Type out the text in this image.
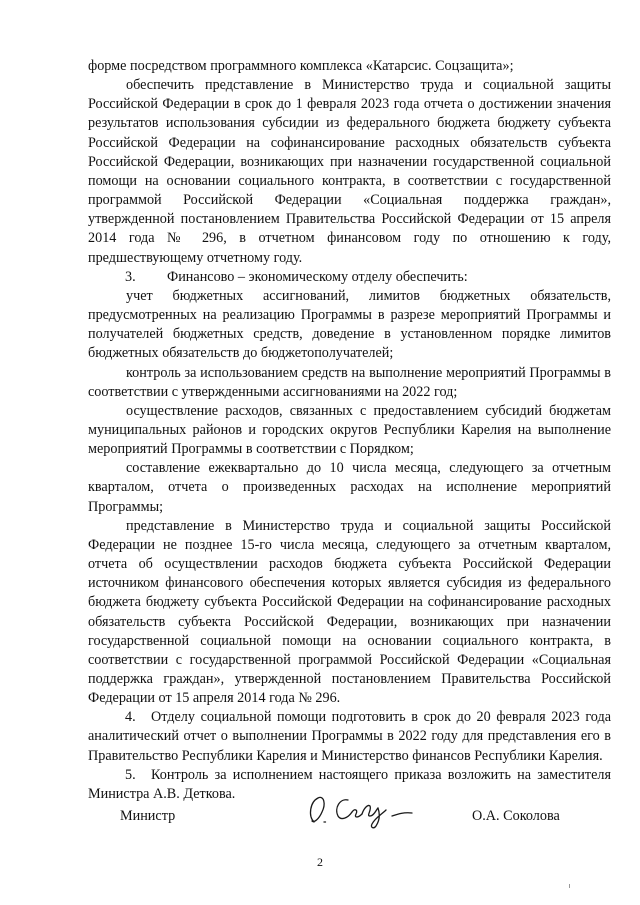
форме посредством программного комплекса «Катарсис. Соцзащита»;

обеспечить представление в Министерство труда и социальной защиты Российской Федерации в срок до 1 февраля 2023 года отчета о достижении значения результатов использования субсидии из федерального бюджета бюджету субъекта Российской Федерации на софинансирование расходных обязательств субъекта Российской Федерации, возникающих при назначении государственной социальной помощи на основании социального контракта, в соответствии с государственной программой Российской Федерации «Социальная поддержка граждан», утвержденной постановлением Правительства Российской Федерации от 15 апреля 2014 года № 296, в отчетном финансовом году по отношению к году, предшествующему отчетному году.

3. Финансово – экономическому отделу обеспечить:

учет бюджетных ассигнований, лимитов бюджетных обязательств, предусмотренных на реализацию Программы в разрезе мероприятий Программы и получателей бюджетных средств, доведение в установленном порядке лимитов бюджетных обязательств до бюджетополучателей;

контроль за использованием средств на выполнение мероприятий Программы в соответствии с утвержденными ассигнованиями на 2022 год;

осуществление расходов, связанных с предоставлением субсидий бюджетам муниципальных районов и городских округов Республики Карелия на выполнение мероприятий Программы в соответствии с Порядком;

составление ежеквартально до 10 числа месяца, следующего за отчетным кварталом, отчета о произведенных расходах на исполнение мероприятий Программы;

представление в Министерство труда и социальной защиты Российской Федерации не позднее 15-го числа месяца, следующего за отчетным кварталом, отчета об осуществлении расходов бюджета субъекта Российской Федерации источником финансового обеспечения которых является субсидия из федерального бюджета бюджету субъекта Российской Федерации на софинансирование расходных обязательств субъекта Российской Федерации, возникающих при назначении государственной социальной помощи на основании социального контракта, в соответствии с государственной программой Российской Федерации «Социальная поддержка граждан», утвержденной постановлением Правительства Российской Федерации от 15 апреля 2014 года № 296.

4. Отделу социальной помощи подготовить в срок до 20 февраля 2023 года аналитический отчет о выполнении Программы в 2022 году для представления его в Правительство Республики Карелия и Министерство финансов Республики Карелия.

5. Контроль за исполнением настоящего приказа возложить на заместителя Министра А.В. Деткова.

Министр	О.А. Соколова
2
